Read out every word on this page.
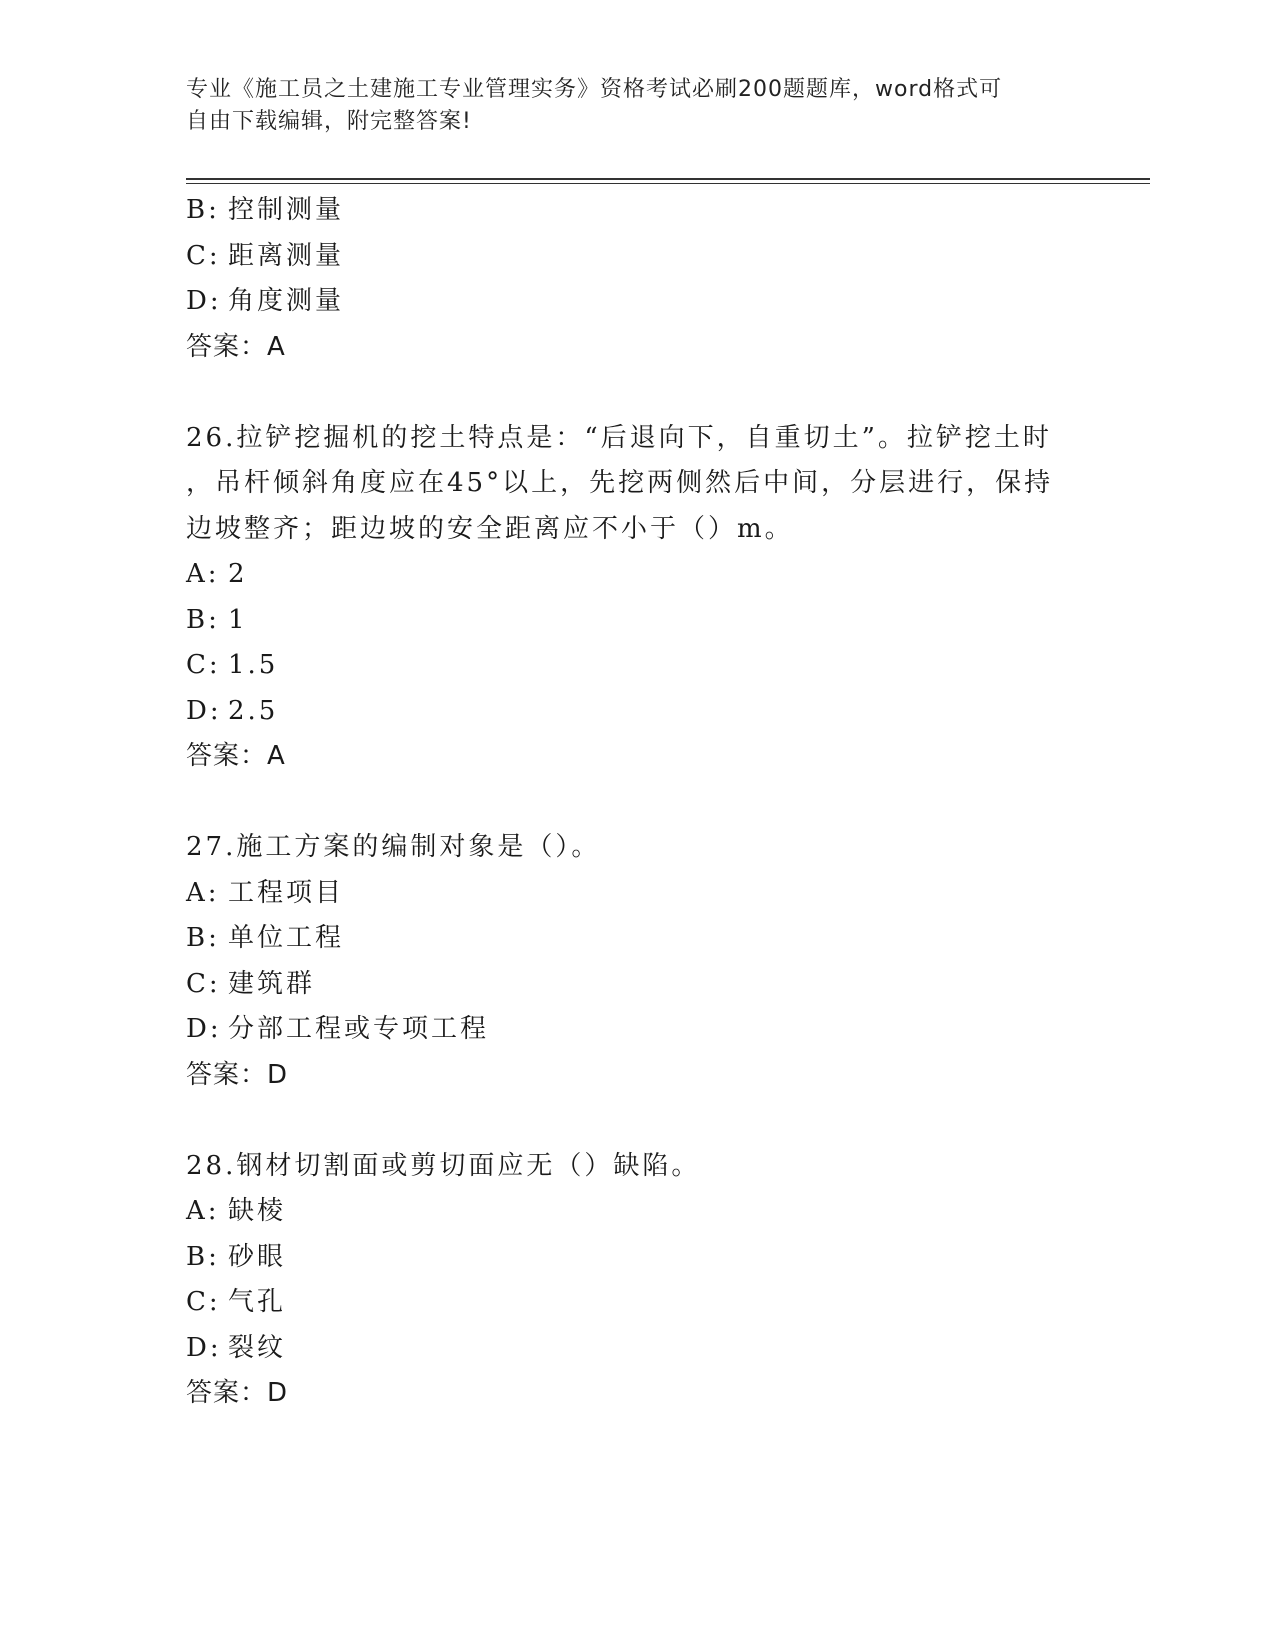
专业《施工员之土建施工专业管理实务》资格考试必刷200题题库，word格式可
自由下载编辑，附完整答案!
B: 控制测量
C: 距离测量
D: 角度测量
答案：A
26.拉铲挖掘机的挖土特点是：“后退向下，自重切土”。拉铲挖土时
，吊杆倾斜角度应在45°以上，先挖两侧然后中间，分层进行，保持
边坡整齐；距边坡的安全距离应不小于（）m。
A: 2
B: 1
C: 1.5
D: 2.5
答案：A
27.施工方案的编制对象是（）。
A: 工程项目
B: 单位工程
C: 建筑群
D: 分部工程或专项工程
答案：D
28.钢材切割面或剪切面应无（）缺陷。
A: 缺棱
B: 砂眼
C: 气孔
D: 裂纹
答案：D
